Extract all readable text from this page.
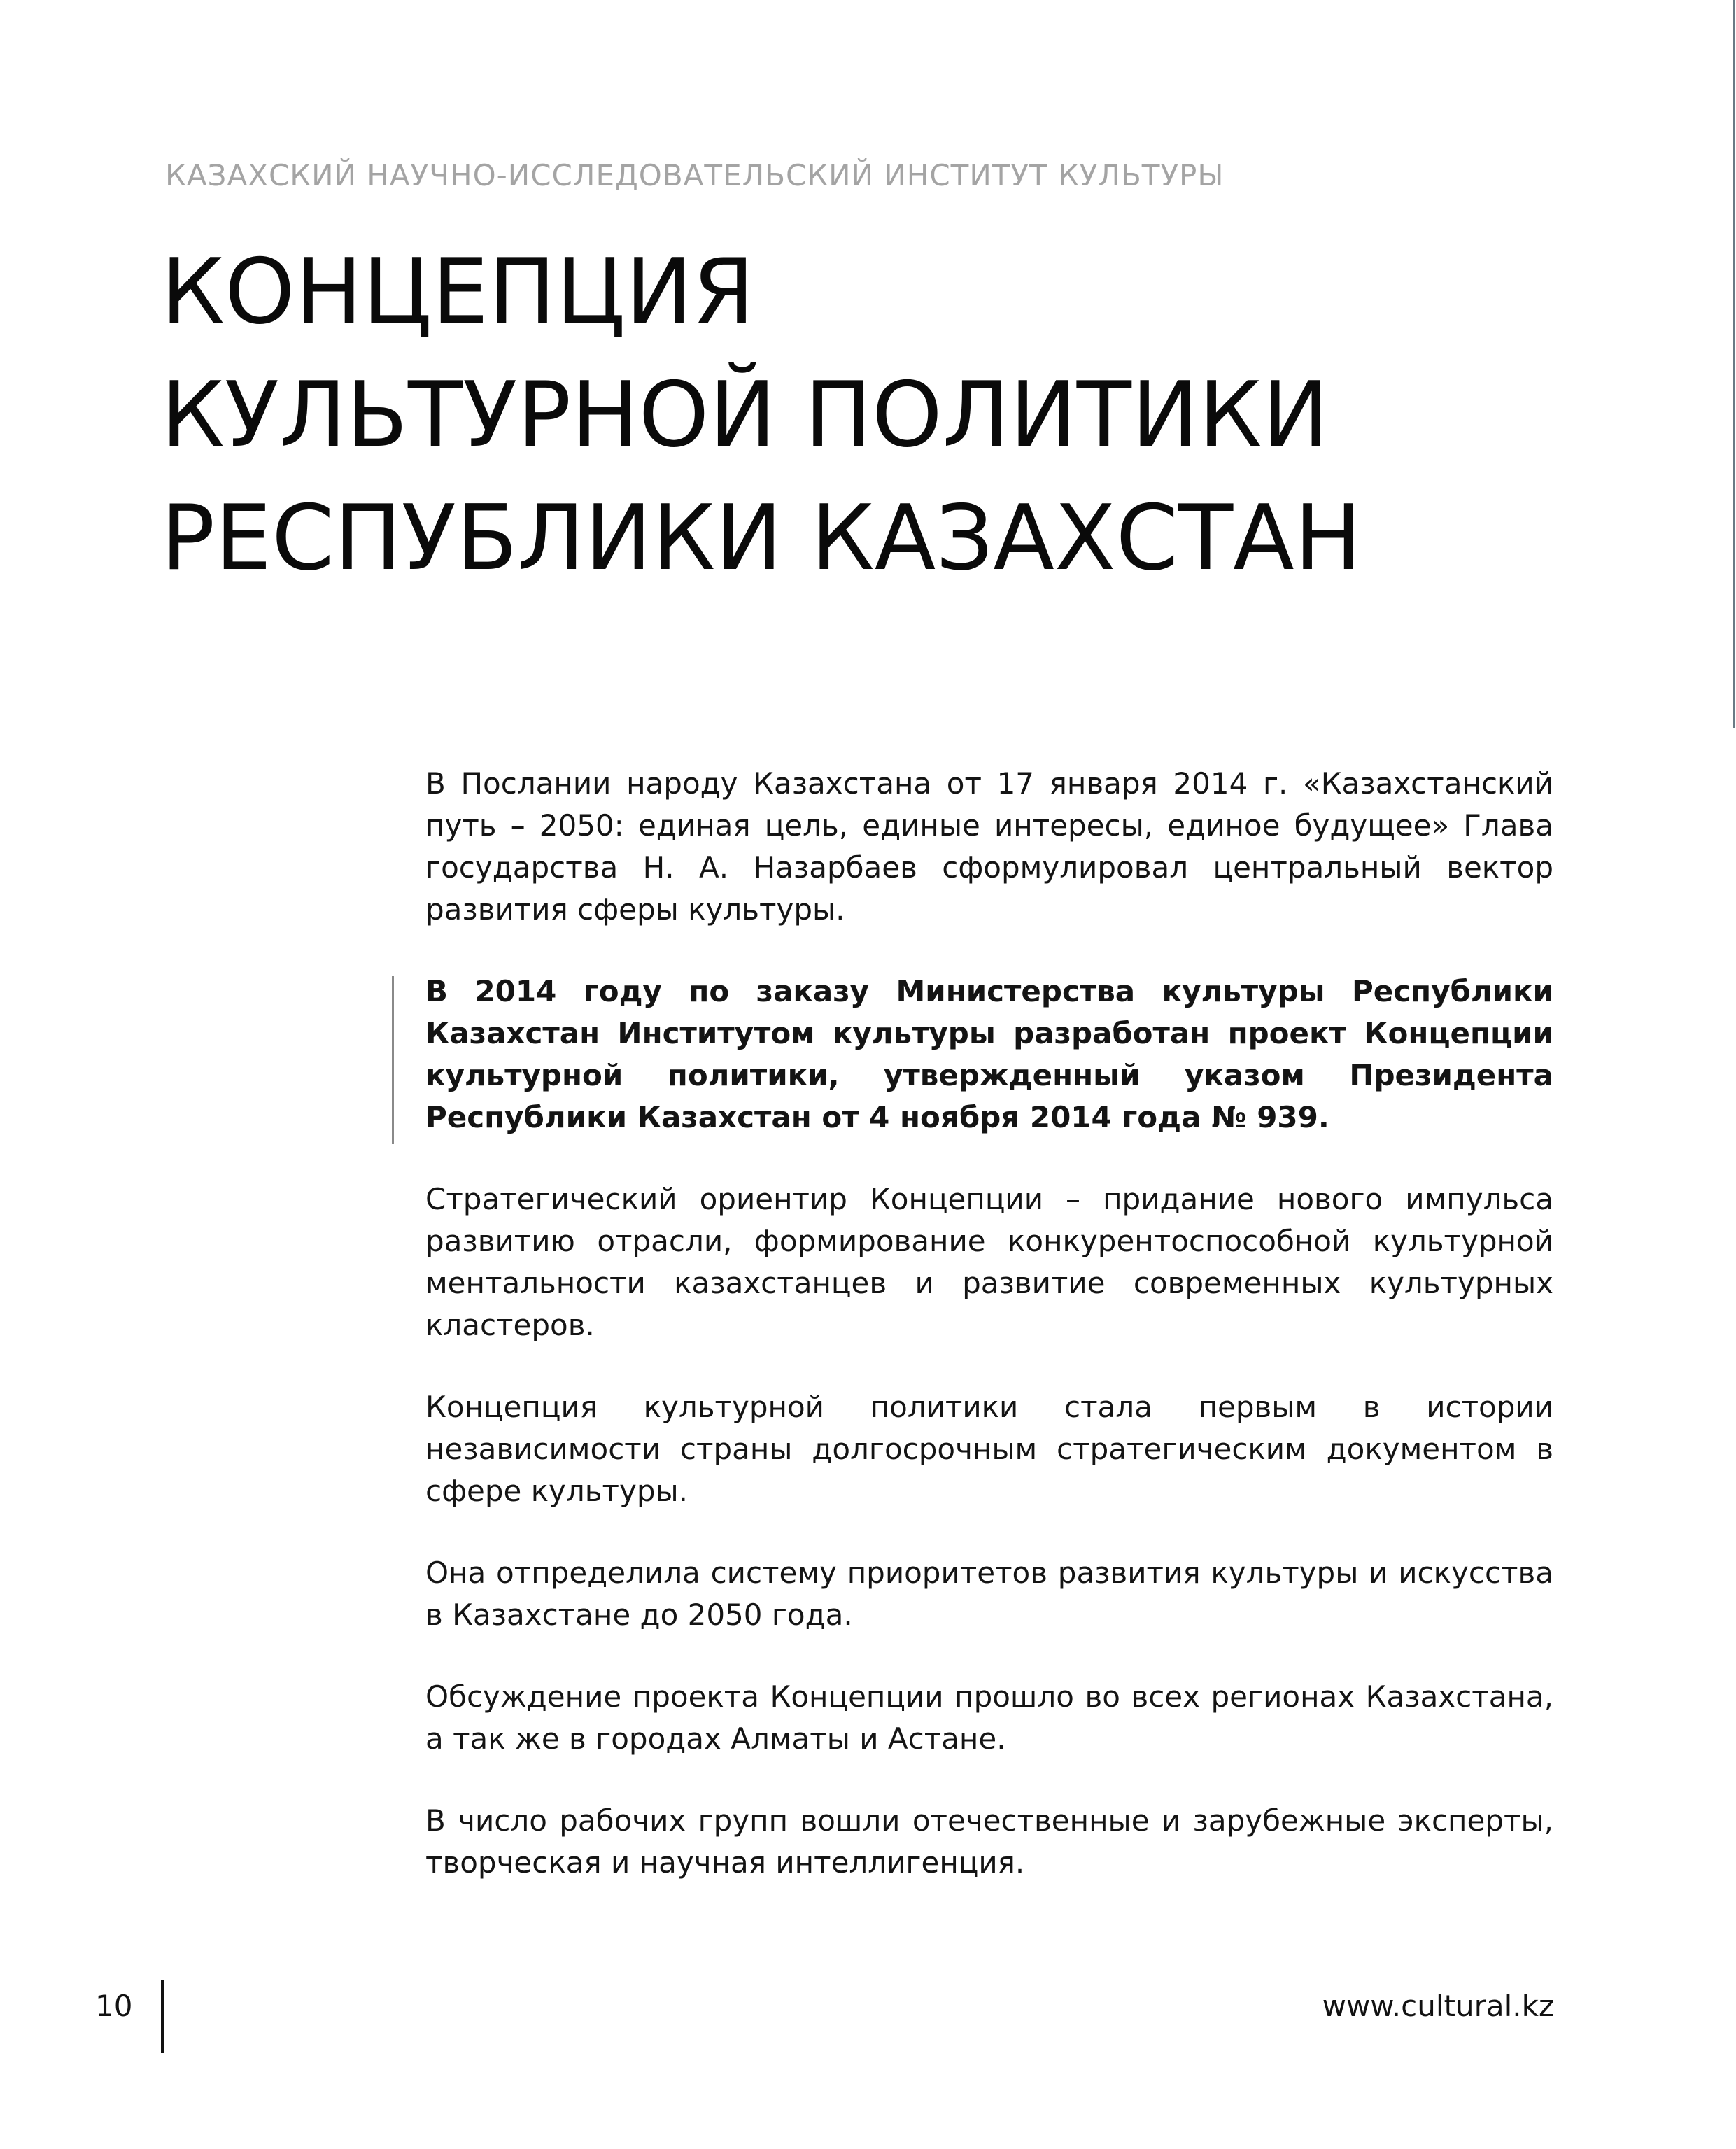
КАЗАХСКИЙ НАУЧНО-ИССЛЕДОВАТЕЛЬСКИЙ ИНСТИТУТ КУЛЬТУРЫ
КОНЦЕПЦИЯ
КУЛЬТУРНОЙ ПОЛИТИКИ
РЕСПУБЛИКИ КАЗАХСТАН

В Послании народу Казахстана от 17 января 2014 г. «Казахстанский путь – 2050: единая цель, единые интересы, единое будущее» Глава государства Н. А. Назарбаев сформулировал центральный вектор развития сферы культуры.

В 2014 году по заказу Министерства культуры Республики Казахстан Институтом культуры разработан проект Концепции культурной политики, утвержденный указом Президента Республики Казахстан от 4 ноября 2014 года № 939.

Стратегический ориентир Концепции – придание нового импульса развитию отрасли, формирование конкурентоспособной культурной ментальности казахстанцев и развитие современных культурных кластеров.

Концепция культурной политики стала первым в истории независимости страны долгосрочным стратегическим документом в сфере культуры.

Она отпределила систему приоритетов развития культуры и искусства в Казахстане до 2050 года.

Обсуждение проекта Концепции прошло во всех регионах Казахстана, а так же в городах Алматы и Астане.

В число рабочих групп вошли отечественные и зарубежные эксперты, творческая и научная интеллигенция.

10	www.cultural.kz
